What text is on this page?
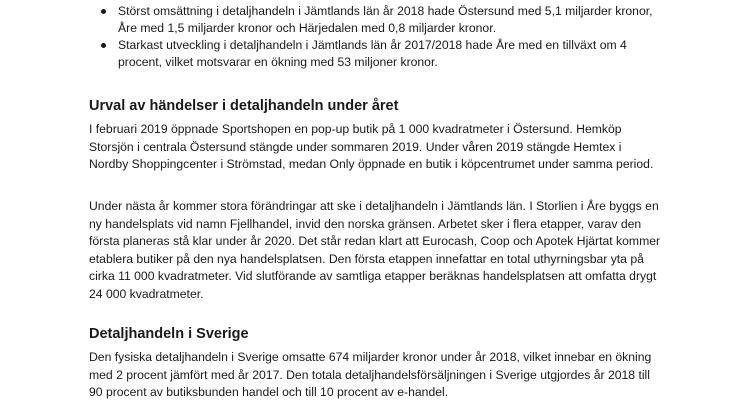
Störst omsättning i detaljhandeln i Jämtlands län år 2018 hade Östersund med 5,1 miljarder kronor, Åre med 1,5 miljarder kronor och Härjedalen med 0,8 miljarder kronor.
Starkast utveckling i detaljhandeln i Jämtlands län år 2017/2018 hade Åre med en tillväxt om 4 procent, vilket motsvarar en ökning med 53 miljoner kronor.
Urval av händelser i detaljhandeln under året

I februari 2019 öppnade Sportshopen en pop-up butik på 1 000 kvadratmeter i Östersund. Hemköp Storsjön i centrala Östersund stängde under sommaren 2019. Under våren 2019 stängde Hemtex i Nordby Shoppingcenter i Strömstad, medan Only öppnade en butik i köpcentrumet under samma period.

Under nästa år kommer stora förändringar att ske i detaljhandeln i Jämtlands län. I Storlien i Åre byggs en ny handelsplats vid namn Fjellhandel, invid den norska gränsen. Arbetet sker i flera etapper, varav den första planeras stå klar under år 2020. Det står redan klart att Eurocash, Coop och Apotek Hjärtat kommer etablera butiker på den nya handelsplatsen. Den första etappen innefattar en total uthyrningsbar yta på cirka 11 000 kvadratmeter. Vid slutförande av samtliga etapper beräknas handelsplatsen att omfatta drygt 24 000 kvadratmeter.

Detaljhandeln i Sverige

Den fysiska detaljhandeln i Sverige omsatte 674 miljarder kronor under år 2018, vilket innebar en ökning med 2 procent jämfört med år 2017. Den totala detaljhandelsförsäljningen i Sverige utgjordes år 2018 till 90 procent av butiksbunden handel och till 10 procent av e-handel.
